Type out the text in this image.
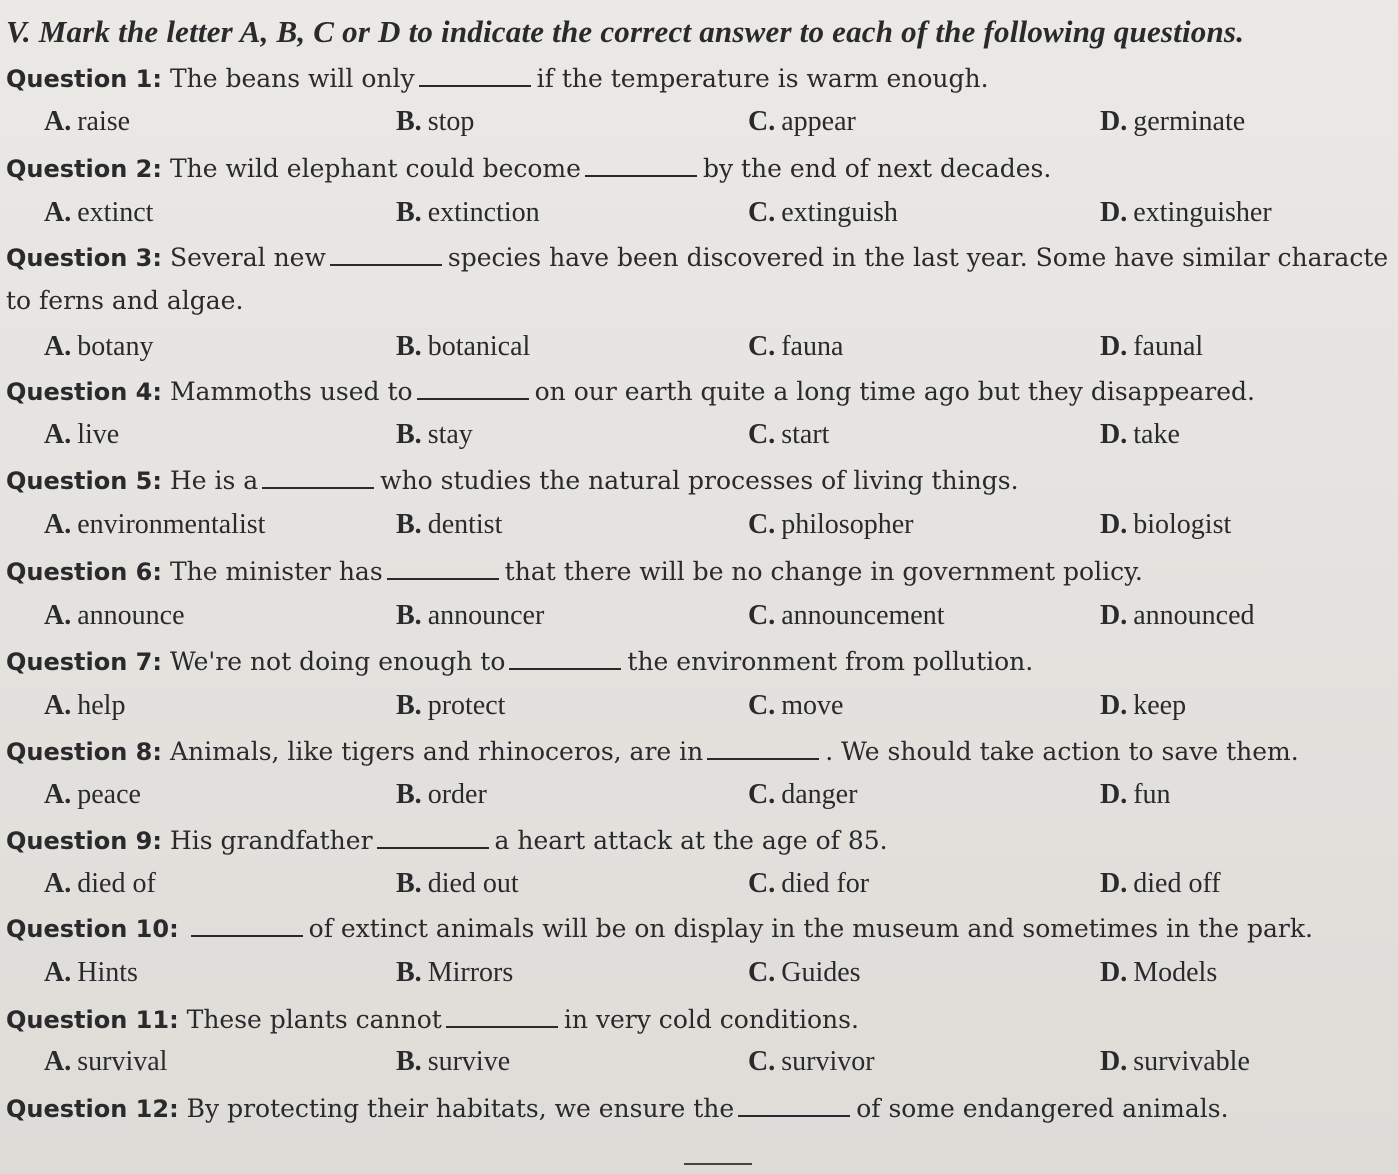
V. Mark the letter A, B, C or D to indicate the correct answer to each of the following questions.
Question 1: The beans will only	if the temperature is warm enough.
A. raise	B. stop	C. appear	D. germinate
Question 2: The wild elephant could become	by the end of next decades.
A. extinct	B. extinction	C. extinguish	D. extinguisher
Question 3: Several new	species have been discovered in the last year. Some have similar characte
to ferns and algae.
A. botany	B. botanical	C. fauna	D. faunal
Question 4: Mammoths used to	on our earth quite a long time ago but they disappeared.
A. live	B. stay	C. start	D. take
Question 5: He is a	who studies the natural processes of living things.
A. environmentalist	B. dentist	C. philosopher	D. biologist
Question 6: The minister has	that there will be no change in government policy.
A. announce	B. announcer	C. announcement	D. announced
Question 7: We're not doing enough to	the environment from pollution.
A. help	B. protect	C. move	D. keep
Question 8: Animals, like tigers and rhinoceros, are in	. We should take action to save them.
A. peace	B. order	C. danger	D. fun
Question 9: His grandfather	a heart attack at the age of 85.
A. died of	B. died out	C. died for	D. died off
Question 10:	of extinct animals will be on display in the museum and sometimes in the park.
A. Hints	B. Mirrors	C. Guides	D. Models
Question 11: These plants cannot	in very cold conditions.
A. survival	B. survive	C. survivor	D. survivable
Question 12: By protecting their habitats, we ensure the	of some endangered animals.
